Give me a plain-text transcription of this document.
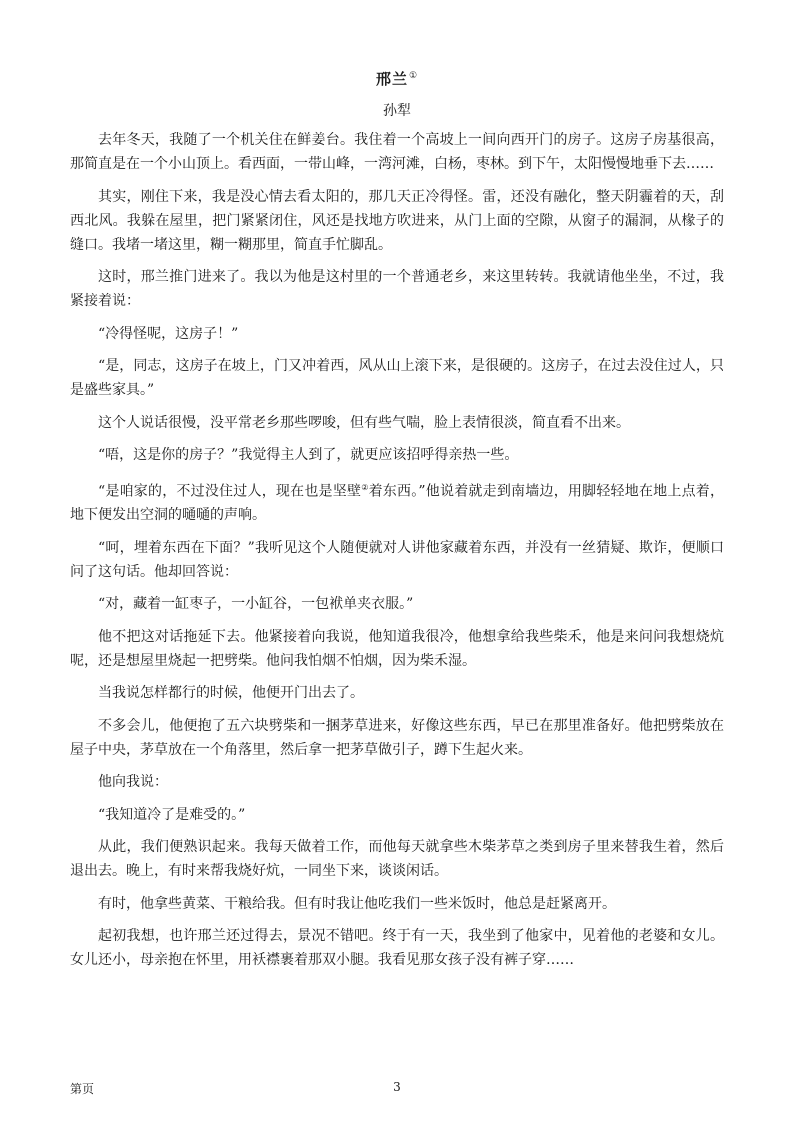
邢兰①
孙犁

去年冬天，我随了一个机关住在鲜姜台。我住着一个高坡上一间向西开门的房子。这房子房基很高，那简直是在一个小山顶上。看西面，一带山峰，一湾河滩，白杨，枣林。到下午，太阳慢慢地垂下去……

其实，刚住下来，我是没心情去看太阳的，那几天正冷得怪。雷，还没有融化，整天阴霾着的天，刮西北风。我躲在屋里，把门紧紧闭住，风还是找地方吹进来，从门上面的空隙，从窗子的漏洞，从椽子的缝口。我堵一堵这里，糊一糊那里，简直手忙脚乱。

这时，邢兰推门进来了。我以为他是这村里的一个普通老乡，来这里转转。我就请他坐坐，不过，我紧接着说：

“冷得怪呢，这房子！”

“是，同志，这房子在坡上，门又冲着西，风从山上滚下来，是很硬的。这房子，在过去没住过人，只是盛些家具。”

这个人说话很慢，没平常老乡那些啰唆，但有些气喘，脸上表情很淡，简直看不出来。

“唔，这是你的房子？”我觉得主人到了，就更应该招呼得亲热一些。

“是咱家的，不过没住过人，现在也是坚壁②着东西。”他说着就走到南墙边，用脚轻轻地在地上点着，地下便发出空洞的嗵嗵的声响。

“呵，埋着东西在下面？”我听见这个人随便就对人讲他家藏着东西，并没有一丝猜疑、欺诈，便顺口问了这句话。他却回答说：

“对，藏着一缸枣子，一小缸谷，一包袱单夹衣服。”

他不把这对话拖延下去。他紧接着向我说，他知道我很冷，他想拿给我些柴禾，他是来问问我想烧炕呢，还是想屋里烧起一把劈柴。他问我怕烟不怕烟，因为柴禾湿。

当我说怎样都行的时候，他便开门出去了。

不多会儿，他便抱了五六块劈柴和一捆茅草进来，好像这些东西，早已在那里准备好。他把劈柴放在屋子中央，茅草放在一个角落里，然后拿一把茅草做引子，蹲下生起火来。

他向我说：

“我知道冷了是难受的。”

从此，我们便熟识起来。我每天做着工作，而他每天就拿些木柴茅草之类到房子里来替我生着，然后退出去。晚上，有时来帮我烧好炕，一同坐下来，谈谈闲话。

有时，他拿些黄菜、干粮给我。但有时我让他吃我们一些米饭时，他总是赶紧离开。

起初我想，也许邢兰还过得去，景况不错吧。终于有一天，我坐到了他家中，见着他的老婆和女儿。女儿还小，母亲抱在怀里，用袄襟裹着那双小腿。我看见那女孩子没有裤子穿……

第页	3
